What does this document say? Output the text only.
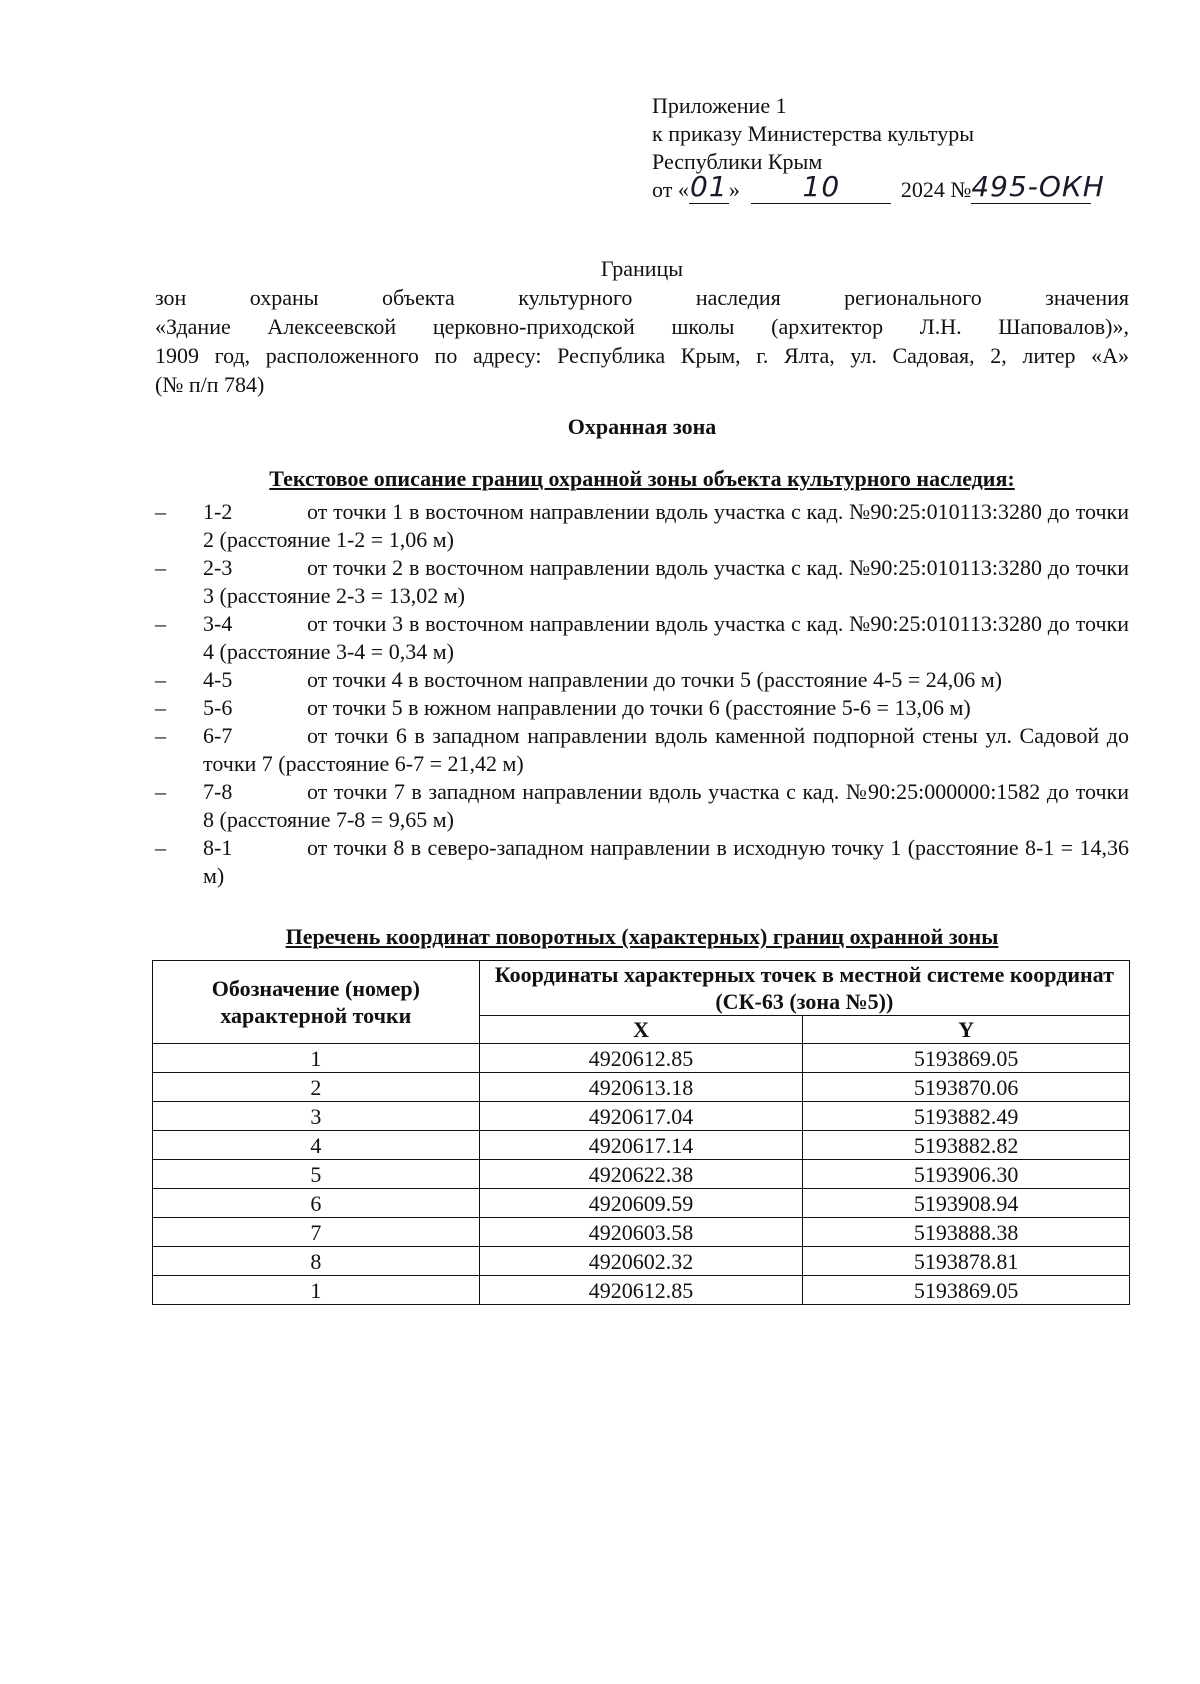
Приложение 1
к приказу Министерства культуры
Республики Крым
от «01» 10	2024 №495-ОКН
Границы
зон охраны объекта культурного наследия регионального значения
«Здание Алексеевской церковно-приходской школы (архитектор Л.Н. Шаповалов)»,
1909 год, расположенного по адресу: Республика Крым, г. Ялта, ул. Садовая, 2, литер «А»
(№ п/п 784)
Охранная зона
Текстовое описание границ охранной зоны объекта культурного наследия:
– 1-2	от точки 1 в восточном направлении вдоль участка с кад. №90:25:010113:3280 до точки 2 (расстояние 1-2 = 1,06 м)
– 2-3	от точки 2 в восточном направлении вдоль участка с кад. №90:25:010113:3280 до точки 3 (расстояние 2-3 = 13,02 м)
– 3-4	от точки 3 в восточном направлении вдоль участка с кад. №90:25:010113:3280 до точки 4 (расстояние 3-4 = 0,34 м)
– 4-5	от точки 4 в восточном направлении до точки 5 (расстояние 4-5 = 24,06 м)
– 5-6	от точки 5 в южном направлении до точки 6 (расстояние 5-6 = 13,06 м)
– 6-7	от точки 6 в западном направлении вдоль каменной подпорной стены ул. Садовой до точки 7 (расстояние 6-7 = 21,42 м)
– 7-8	от точки 7 в западном направлении вдоль участка с кад. №90:25:000000:1582 до точки 8 (расстояние 7-8 = 9,65 м)
– 8-1	от точки 8 в северо-западном направлении в исходную точку 1 (расстояние 8-1 = 14,36 м)
Перечень координат поворотных (характерных) границ охранной зоны
Обозначение (номер) характерной точки	Координаты характерных точек в местной системе координат (СК-63 (зона №5))	
	X	Y
1	4920612.85	5193869.05
2	4920613.18	5193870.06
3	4920617.04	5193882.49
4	4920617.14	5193882.82
5	4920622.38	5193906.30
6	4920609.59	5193908.94
7	4920603.58	5193888.38
8	4920602.32	5193878.81
1	4920612.85	5193869.05
